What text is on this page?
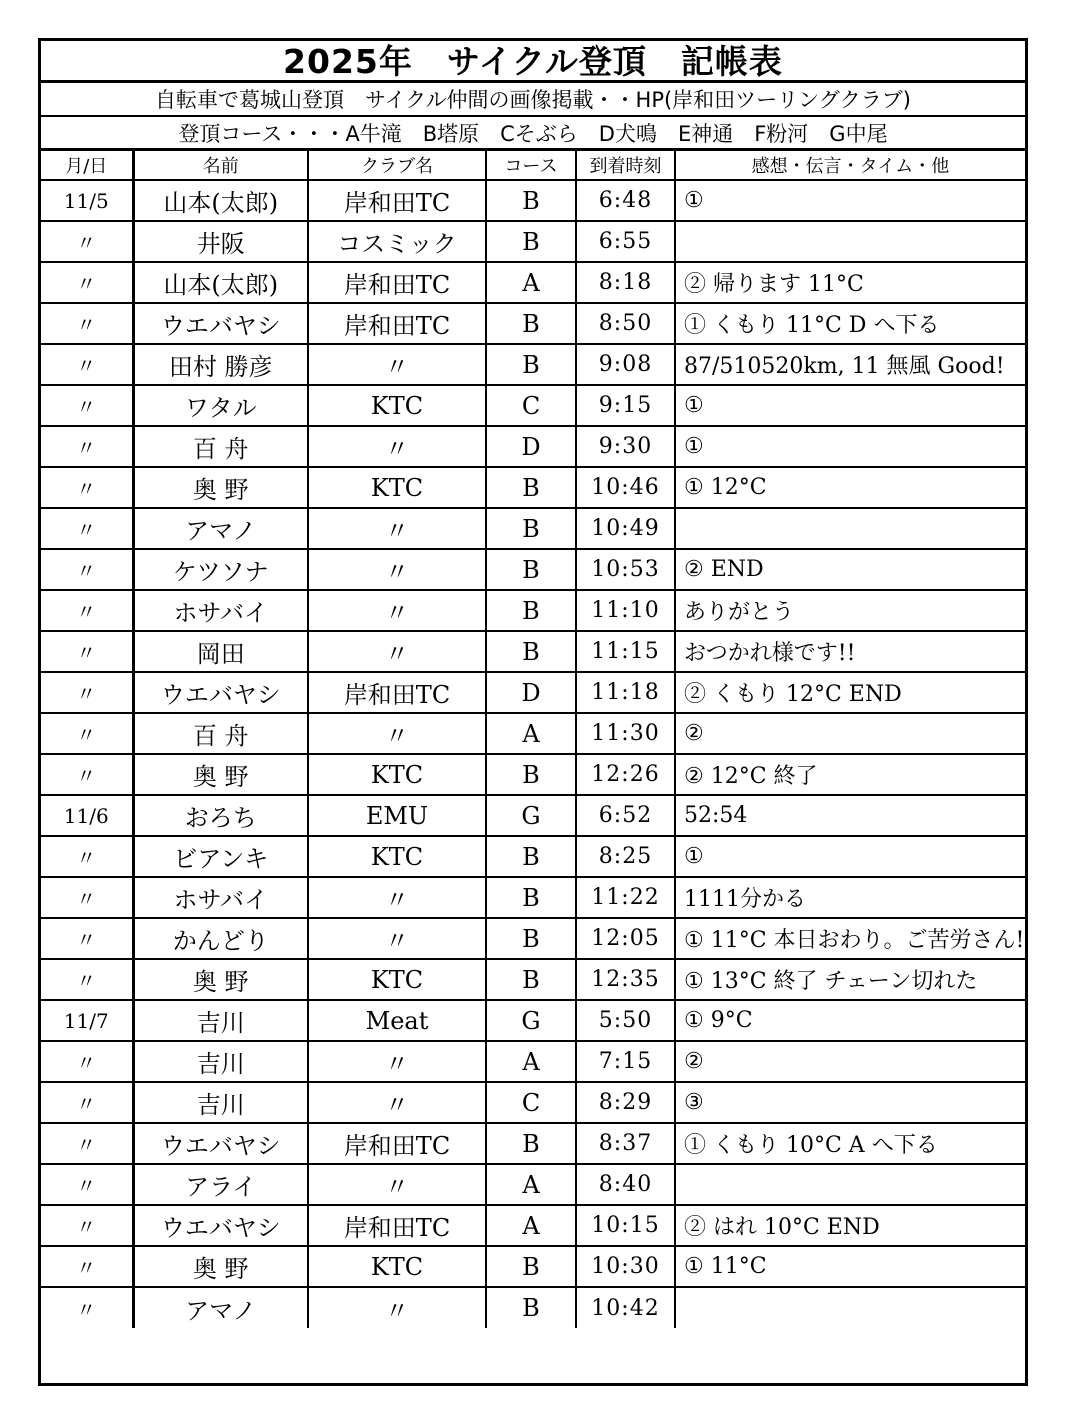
2025年　サイクル登頂　記帳表
自転車で葛城山登頂　サイクル仲間の画像掲載・・HP(岸和田ツーリングクラブ)
登頂コース・・・A牛滝　B塔原　Cそぶら　D犬鳴　E神通　F粉河　G中尾
月/日	名前	クラブ名	コース	到着時刻	感想・伝言・タイム・他
11/5	山本(太郎)	岸和田TC	B	6:48	①
〃	井阪	コスミック	B	6:55	
〃	山本(太郎)	岸和田TC	A	8:18	② 帰ります 11°C
〃	ウエバヤシ	岸和田TC	B	8:50	① くもり 11°C D へ下る
〃	田村 勝彦	〃	B	9:08	87/510520km, 11 無風 Good!
〃	ワタル	KTC	C	9:15	①
〃	百 舟	〃	D	9:30	①
〃	奥 野	KTC	B	10:46	① 12°C
〃	アマノ	〃	B	10:49	
〃	ケツソナ	〃	B	10:53	② END
〃	ホサバイ	〃	B	11:10	ありがとう
〃	岡田	〃	B	11:15	おつかれ様です!!
〃	ウエバヤシ	岸和田TC	D	11:18	② くもり 12°C END
〃	百 舟	〃	A	11:30	②
〃	奥 野	KTC	B	12:26	② 12°C 終了
11/6	おろち	EMU	G	6:52	52:54
〃	ビアンキ	KTC	B	8:25	①
〃	ホサバイ	〃	B	11:22	1111分かる
〃	かんどり	〃	B	12:05	① 11°C 本日おわり。ご苦労さん!
〃	奥 野	KTC	B	12:35	① 13°C 終了 チェーン切れた
11/7	吉川	Meat	G	5:50	① 9°C
〃	吉川	〃	A	7:15	②
〃	吉川	〃	C	8:29	③
〃	ウエバヤシ	岸和田TC	B	8:37	① くもり 10°C A へ下る
〃	アライ	〃	A	8:40	
〃	ウエバヤシ	岸和田TC	A	10:15	② はれ 10°C END
〃	奥 野	KTC	B	10:30	① 11°C
〃	アマノ	〃	B	10:42	
